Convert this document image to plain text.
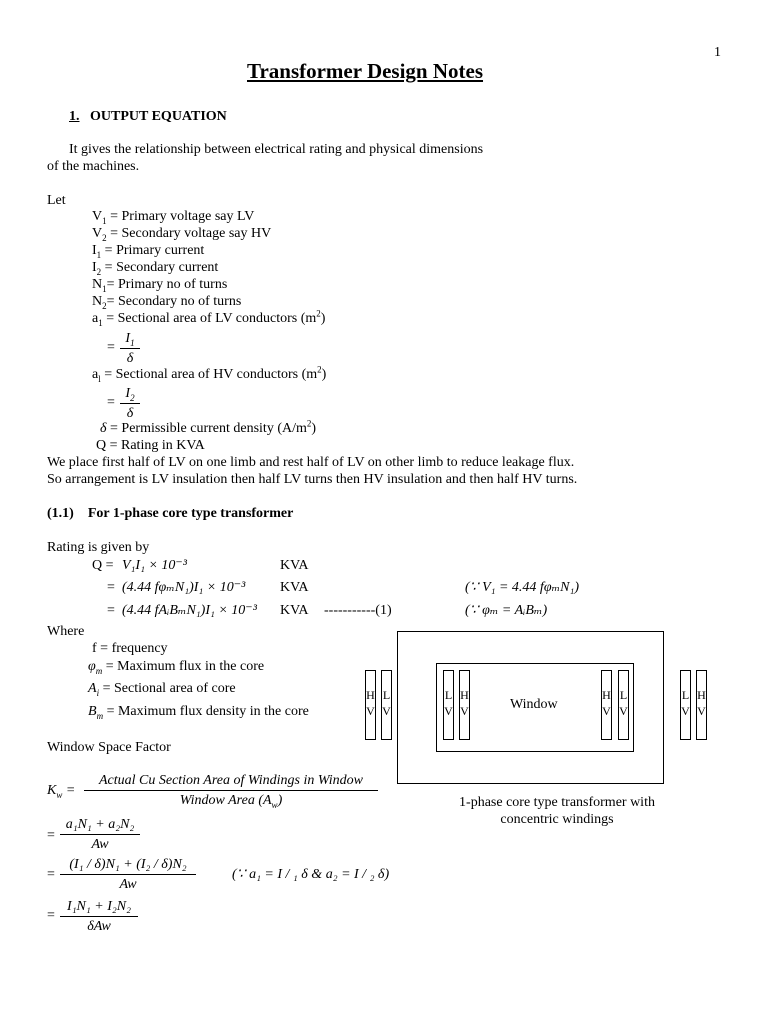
1
Transformer Design Notes
1. OUTPUT EQUATION
It gives the relationship between electrical rating and physical dimensions
of the machines.
Let
$V_1$ = Primary voltage say LV
$V_2$ = Secondary voltage say HV
$I_1$ = Primary current
$I_2$ = Secondary current
$N_1=$ Primary no of turns
$N_2=$ Secondary no of turns
$a_1$ = Sectional area of LV conductors $(m^2)$
= $\frac{I_1}{\delta}$
$a_l$ = Sectional area of HV conductors $(m^2)$
= $\frac{I_2}{\delta}$
δ = Permissible current density $(A/m^2)$
Q = Rating in KVA
We place first half of LV on one limb and rest half of LV on other limb to reduce leakage flux.
So arrangement is LV insulation then half LV turns then HV insulation and then half HV turns.
(1.1) For 1-phase core type transformer
Rating is given by
Q = V₁I₁ × 10⁻³	KVA
= (4.44 fφₘN₁)I₁ × 10⁻³ KVA	(∵ V₁ = 4.44 fφₘN₁)
= (4.44 fAᵢBₘN₁)I₁ × 10⁻³ KVA -----------(1)	(∵ φₘ = AᵢBₘ)
Where
f = frequency
$\varphi_m$ = Maximum flux in the core
$A_i$ = Sectional area of core
$B_m$ = Maximum flux density in the core
Window Space Factor
$K_w$ =
Actual Cu Section Area of Windings in Window
Window Area $(A_w)$
= $\frac{\text{a₁N₁ + a₂N₂}}{Aw}$
= $\frac{\text{(I₁ / δ)N₁ + (I₂ / δ)N₂}}{Aw}$	(∵ a₁ = I / ₁ δ & a₂ = I / ₂ δ)
=
I₁N₁ + I₂N₂
δAw
Window
H
V
L
V
L
V
H
V
H
V
L
V
L
V
H
V
1-phase core type transformer with
concentric windings
